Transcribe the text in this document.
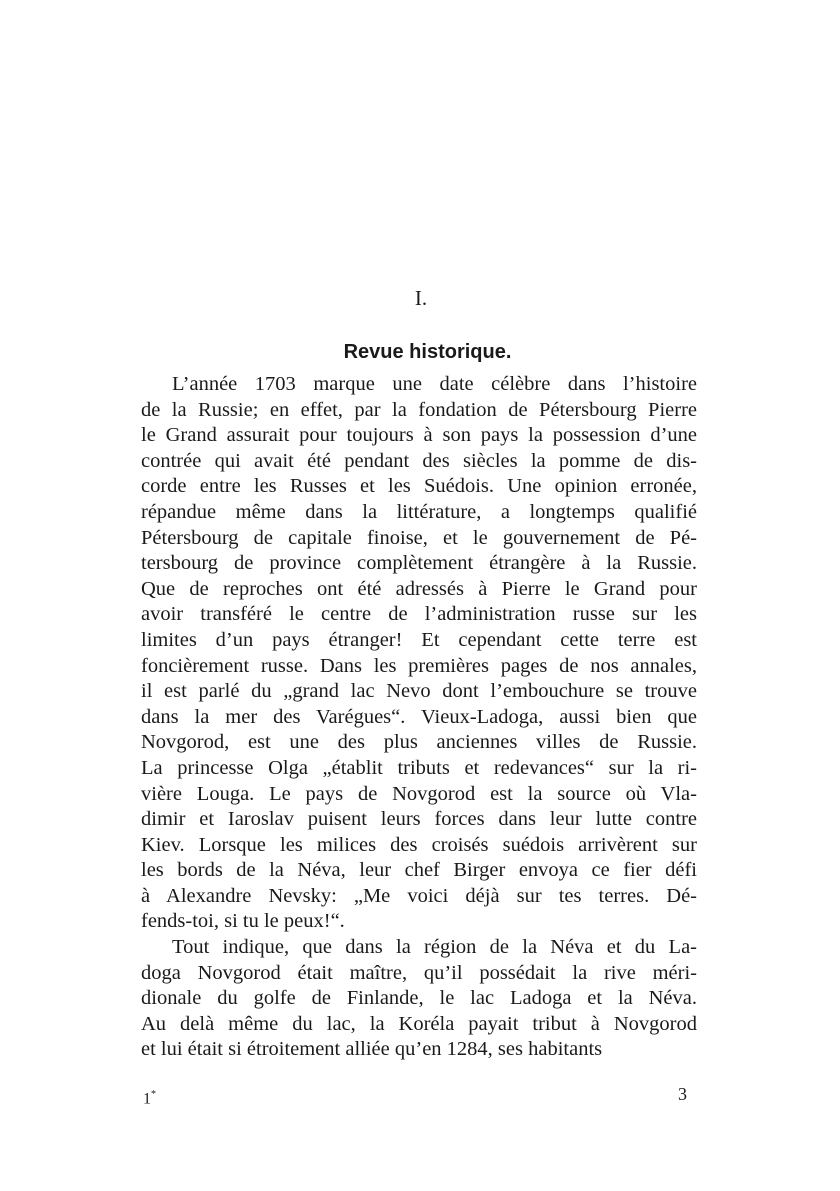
I.
Revue historique.

L’année 1703 marque une date célèbre dans l’histoire
de la Russie; en effet, par la fondation de Pétersbourg Pierre
le Grand assurait pour toujours à son pays la possession d’une
contrée qui avait été pendant des siècles la pomme de dis-
corde entre les Russes et les Suédois. Une opinion erronée,
répandue même dans la littérature, a longtemps qualifié
Pétersbourg de capitale finoise, et le gouvernement de Pé-
tersbourg de province complètement étrangère à la Russie.
Que de reproches ont été adressés à Pierre le Grand pour
avoir transféré le centre de l’administration russe sur les
limites d’un pays étranger! Et cependant cette terre est
foncièrement russe. Dans les premières pages de nos annales,
il est parlé du „grand lac Nevo dont l’embouchure se trouve
dans la mer des Varégues“. Vieux-Ladoga, aussi bien que
Novgorod, est une des plus anciennes villes de Russie.
La princesse Olga „établit tributs et redevances“ sur la ri-
vière Louga. Le pays de Novgorod est la source où Vla-
dimir et Iaroslav puisent leurs forces dans leur lutte contre
Kiev. Lorsque les milices des croisés suédois arrivèrent sur
les bords de la Néva, leur chef Birger envoya ce fier défi
à Alexandre Nevsky: „Me voici déjà sur tes terres. Dé-
fends-toi, si tu le peux!“.

Tout indique, que dans la région de la Néva et du La-
doga Novgorod était maître, qu’il possédait la rive méri-
dionale du golfe de Finlande, le lac Ladoga et la Néva.
Au delà même du lac, la Koréla payait tribut à Novgorod
et lui était si étroitement alliée qu’en 1284, ses habitants

1*	3
